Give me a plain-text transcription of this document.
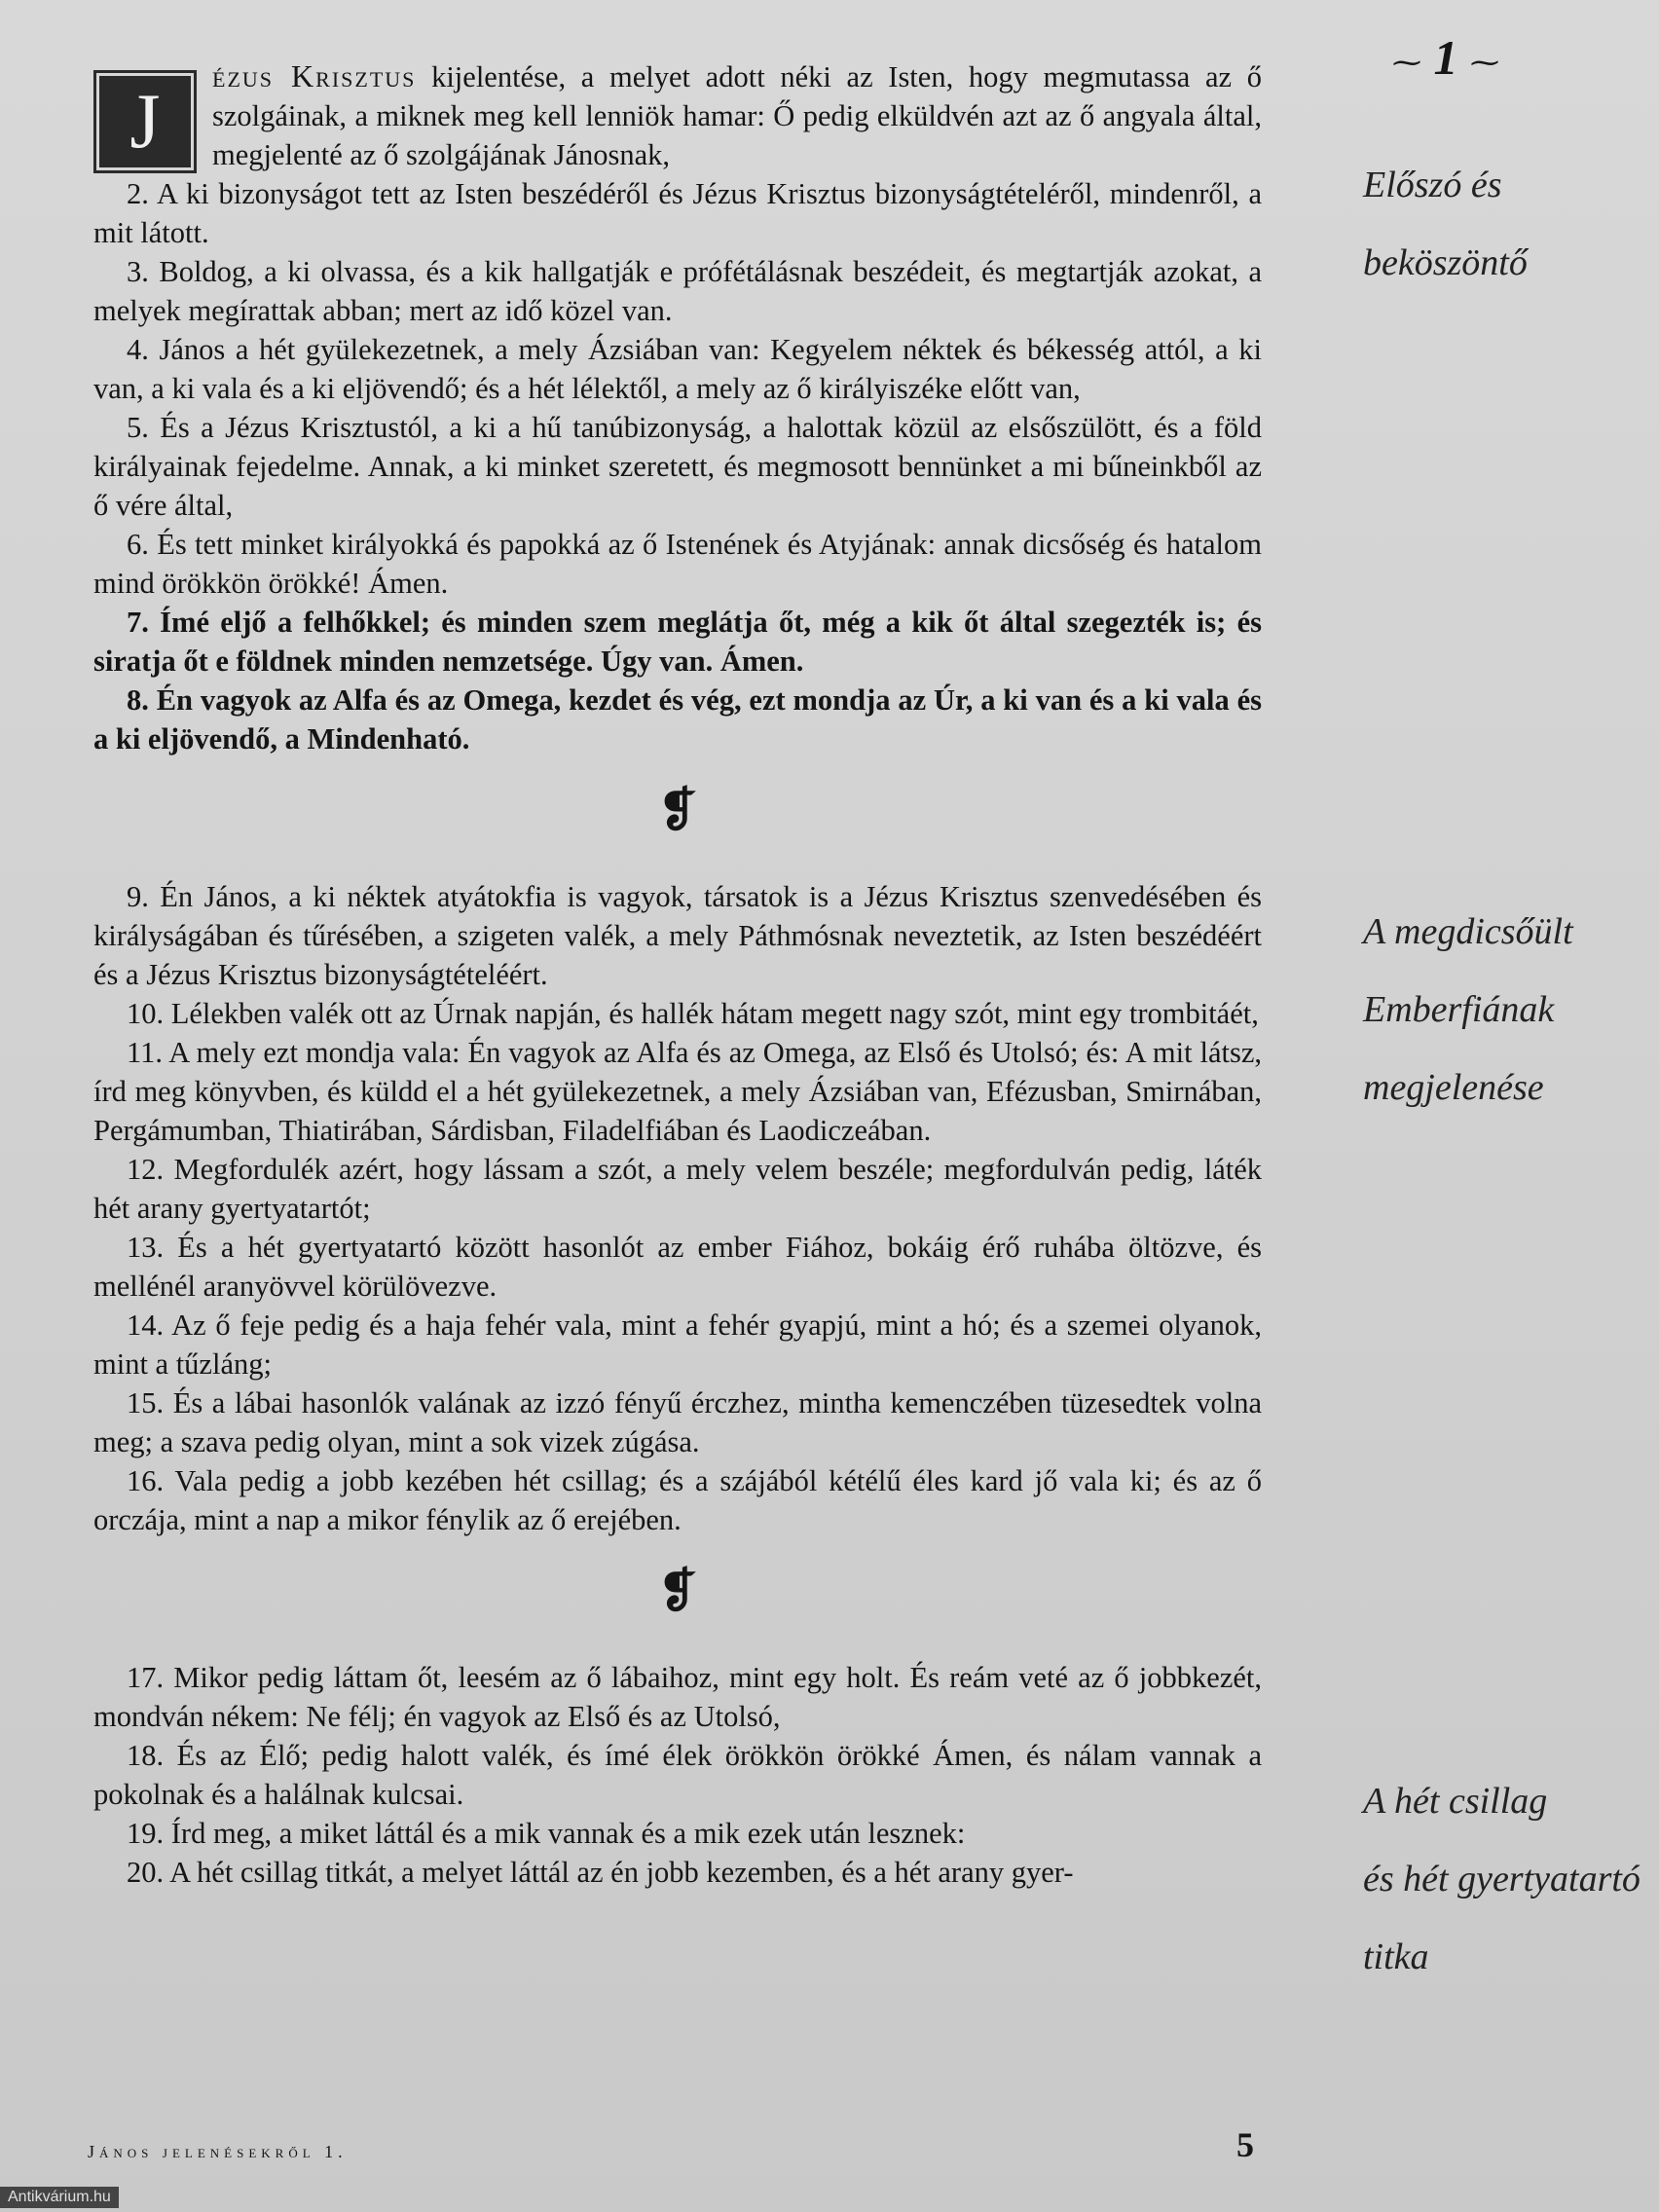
⁓ 1 ⁓
Előszó és
beköszöntő
A megdicsőült
Emberfiának
megjelenése
A hét csillag
és hét gyertyatartó
titka

J
ézus Krisztus kijelentése, a melyet adott néki az Isten, hogy megmutassa az ő szolgáinak, a miknek meg kell lenniök hamar: Ő pedig elküldvén azt az ő angyala által, megjelenté az ő szolgájának Jánosnak,

2. A ki bizonyságot tett az Isten beszédéről és Jézus Krisztus bizonyságtételéről, mindenről, a mit látott.

3. Boldog, a ki olvassa, és a kik hallgatják e prófétálásnak beszédeit, és megtartják azokat, a melyek megírattak abban; mert az idő közel van.

4. János a hét gyülekezetnek, a mely Ázsiában van: Kegyelem néktek és békesség attól, a ki van, a ki vala és a ki eljövendő; és a hét lélektől, a mely az ő királyiszéke előtt van,

5. És a Jézus Krisztustól, a ki a hű tanúbizonyság, a halottak közül az elsőszülött, és a föld királyainak fejedelme. Annak, a ki minket szeretett, és megmosott bennünket a mi bűneinkből az ő vére által,

6. És tett minket királyokká és papokká az ő Istenének és Atyjának: annak dicsőség és hatalom mind örökkön örökké! Ámen.

7. Ímé eljő a felhőkkel; és minden szem meglátja őt, még a kik őt által szegezték is; és siratja őt e földnek minden nemzetsége. Úgy van. Ámen.

8. Én vagyok az Alfa és az Omega, kezdet és vég, ezt mondja az Úr, a ki van és a ki vala és a ki eljövendő, a Mindenható.

❡

9. Én János, a ki néktek atyátokfia is vagyok, társatok is a Jézus Krisztus szenvedésében és királyságában és tűrésében, a szigeten valék, a mely Páthmósnak neveztetik, az Isten beszédéért és a Jézus Krisztus bizonyságtételéért.

10. Lélekben valék ott az Úrnak napján, és hallék hátam megett nagy szót, mint egy trombitáét,

11. A mely ezt mondja vala: Én vagyok az Alfa és az Omega, az Első és Utolsó; és: A mit látsz, írd meg könyvben, és küldd el a hét gyülekezetnek, a mely Ázsiában van, Efézusban, Smirnában, Pergámumban, Thiatirában, Sárdisban, Filadelfiában és Laodiczeában.

12. Megfordulék azért, hogy lássam a szót, a mely velem beszéle; megfordulván pedig, láték hét arany gyertyatartót;

13. És a hét gyertyatartó között hasonlót az ember Fiához, bokáig érő ruhába öltözve, és mellénél aranyövvel körülövezve.

14. Az ő feje pedig és a haja fehér vala, mint a fehér gyapjú, mint a hó; és a szemei olyanok, mint a tűzláng;

15. És a lábai hasonlók valának az izzó fényű érczhez, mintha kemenczében tüzesedtek volna meg; a szava pedig olyan, mint a sok vizek zúgása.

16. Vala pedig a jobb kezében hét csillag; és a szájából kétélű éles kard jő vala ki; és az ő orczája, mint a nap a mikor fénylik az ő erejében.

❡

17. Mikor pedig láttam őt, leesém az ő lábaihoz, mint egy holt. És reám veté az ő jobbkezét, mondván nékem: Ne félj; én vagyok az Első és az Utolsó,

18. És az Élő; pedig halott valék, és ímé élek örökkön örökké Ámen, és nálam vannak a pokolnak és a halálnak kulcsai.

19. Írd meg, a miket láttál és a mik vannak és a mik ezek után lesznek:

20. A hét csillag titkát, a melyet láttál az én jobb kezemben, és a hét arany gyer-

János jelenésekről 1.	5
Antikvárium.hu
